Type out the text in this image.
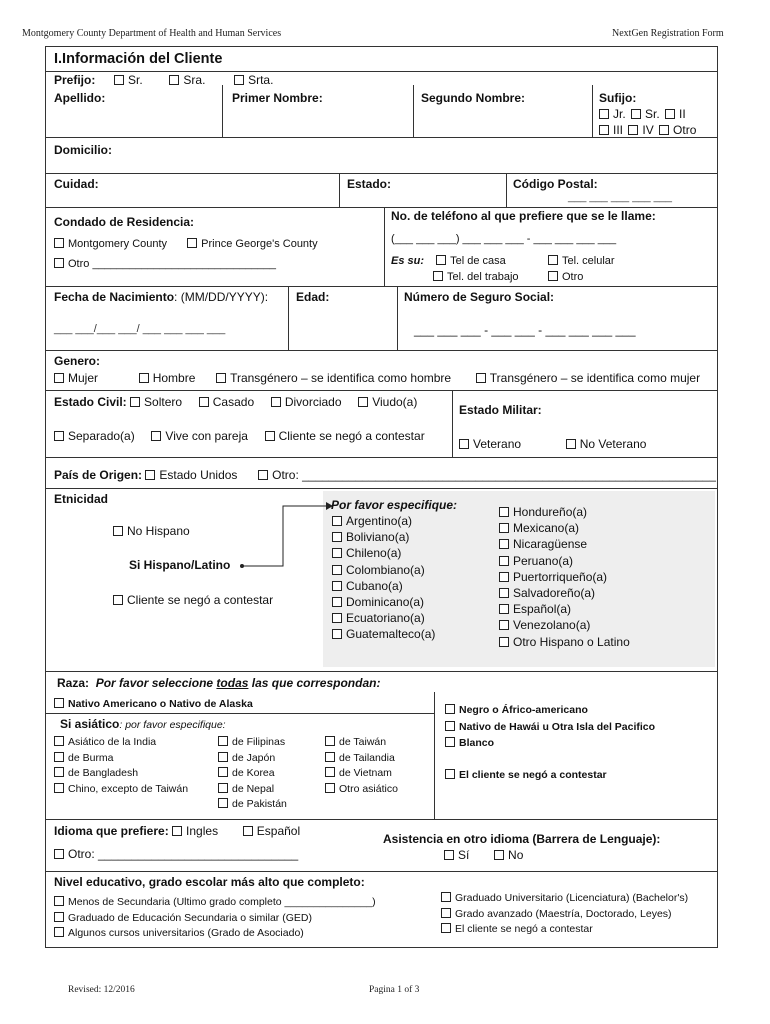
Montgomery County Department of Health and Human Services	NextGen Registration Form
I.Información del Cliente
Prefijo:	Sr.	Sra.	Srta.
Apellido:	Primer Nombre:	Segundo Nombre:	Sufijo:
Jr. Sr. II
III IV Otro
Domicilio:
Cuidad:	Estado:	Código Postal:
___ ___ ___ ___ ___
Condado de Residencia:
Montgomery County	Prince George's County
Otro ______________________________
No. de teléfono al que prefiere que se le llame:
(___ ___ ___) ___ ___ ___ - ___ ___ ___ ___
Es su: Tel de casa	Tel. celular
Tel. del trabajo	Otro
Fecha de Nacimiento: (MM/DD/YYYY):
___ ___/___ ___/ ___ ___ ___ ___
Edad:	Número de Seguro Social:
___ ___ ___ - ___ ___ - ___ ___ ___ ___
Genero:
Mujer	Hombre	Transgénero – se identifica como hombre	Transgénero – se identifica como mujer
Estado Civil: Soltero	Casado	Divorciado	Viudo(a)
Separado(a)	Vive con pareja	Cliente se negó a contestar
Estado Militar:
Veterano	No Veterano
País de Origen: Estado Unidos	Otro: ______________________________________________________________
Etnicidad
No Hispano
Si Hispano/Latino
Cliente se negó a contestar
Por favor especifique:
Argentino(a)
Boliviano(a)
Chileno(a)
Colombiano(a)
Cubano(a)
Dominicano(a)
Ecuatoriano(a)
Guatemalteco(a)
Hondureño(a)
Mexicano(a)
Nicaragüense
Peruano(a)
Puertorriqueño(a)
Salvadoreño(a)
Español(a)
Venezolano(a)
Otro Hispano o Latino
Raza:  Por favor seleccione todas las que correspondan:
Nativo Americano o Nativo de Alaska
Si asiático: por favor especifique:
Asiático de la India
de Burma
de Bangladesh
Chino, excepto de Taiwán
de Filipinas
de Japón
de Korea
de Nepal
de Pakistán
de Taiwán
de Tailandia
de Vietnam
Otro asiático
Negro o Áfrico-americano
Nativo de Hawái u Otra Isla del Pacifico
Blanco
El cliente se negó a contestar
Idioma que prefiere: Ingles	Español
Otro: ______________________________
Asistencia en otro idioma (Barrera de Lenguaje):
Sí	No
Nivel educativo, grado escolar más alto que completo:
Menos de Secundaria (Ultimo grado completo _______________)
Graduado de Educación Secundaria o similar (GED)
Algunos cursos universitarios (Grado de Asociado)
Graduado Universitario (Licenciatura) (Bachelor's)
Grado avanzado (Maestría, Doctorado, Leyes)
El cliente se negó a contestar
Revised: 12/2016	Pagina 1 of 3
